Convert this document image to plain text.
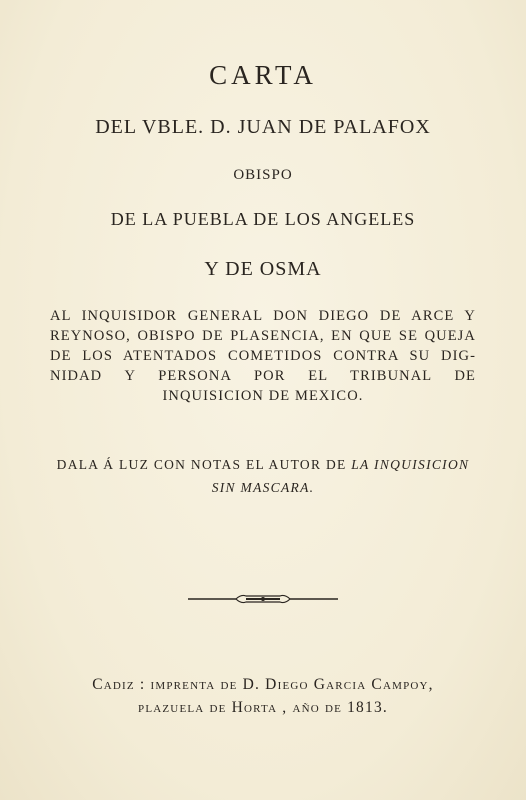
CARTA
DEL VBLE. D. JUAN DE PALAFOX
OBISPO
DE LA PUEBLA DE LOS ANGELES
Y DE OSMA
AL INQUISIDOR GENERAL DON DIEGO DE ARCE Y
REYNOSO, OBISPO DE PLASENCIA, EN QUE SE QUEJA
DE LOS ATENTADOS COMETIDOS CONTRA SU DIG-
NIDAD Y PERSONA POR EL TRIBUNAL DE
INQUISICION DE MEXICO.
DALA Á LUZ CON NOTAS EL AUTOR DE LA INQUISICION
SIN MASCARA.
Cadiz : imprenta de D. Diego Garcia Campoy,
plazuela de Horta , año de 1813.
